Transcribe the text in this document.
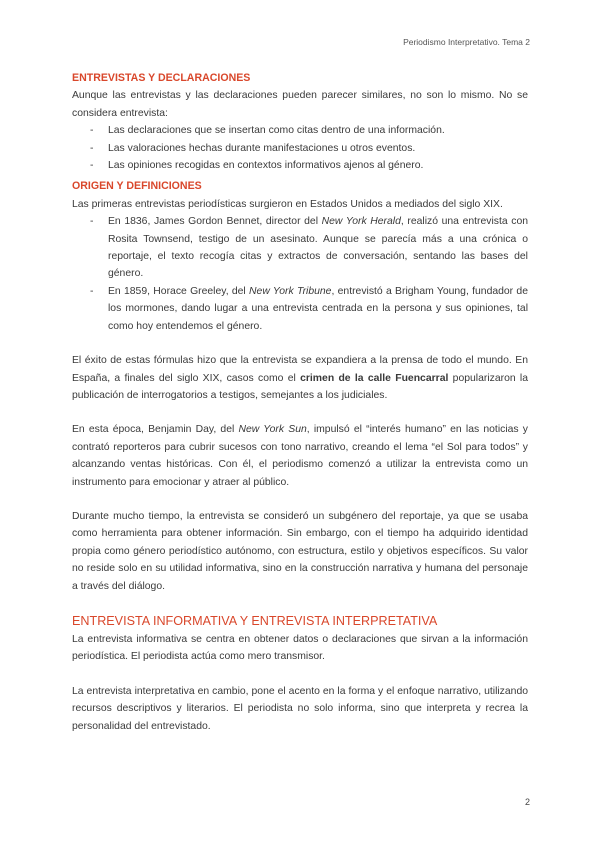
Periodismo Interpretativo. Tema 2
ENTREVISTAS Y DECLARACIONES

Aunque las entrevistas y las declaraciones pueden parecer similares, no son lo mismo. No se considera entrevista:

- Las declaraciones que se insertan como citas dentro de una información.
- Las valoraciones hechas durante manifestaciones u otros eventos.
- Las opiniones recogidas en contextos informativos ajenos al género.
ORIGEN Y DEFINICIONES

Las primeras entrevistas periodísticas surgieron en Estados Unidos a mediados del siglo XIX.

- En 1836, James Gordon Bennet, director del New York Herald, realizó una entrevista con Rosita Townsend, testigo de un asesinato. Aunque se parecía más a una crónica o reportaje, el texto recogía citas y extractos de conversación, sentando las bases del género.
- En 1859, Horace Greeley, del New York Tribune, entrevistó a Brigham Young, fundador de los mormones, dando lugar a una entrevista centrada en la persona y sus opiniones, tal como hoy entendemos el género.

El éxito de estas fórmulas hizo que la entrevista se expandiera a la prensa de todo el mundo. En España, a finales del siglo XIX, casos como el crimen de la calle Fuencarral popularizaron la publicación de interrogatorios a testigos, semejantes a los judiciales.

En esta época, Benjamin Day, del New York Sun, impulsó el “interés humano” en las noticias y contrató reporteros para cubrir sucesos con tono narrativo, creando el lema “el Sol para todos” y alcanzando ventas históricas. Con él, el periodismo comenzó a utilizar la entrevista como un instrumento para emocionar y atraer al público.

Durante mucho tiempo, la entrevista se consideró un subgénero del reportaje, ya que se usaba como herramienta para obtener información. Sin embargo, con el tiempo ha adquirido identidad propia como género periodístico autónomo, con estructura, estilo y objetivos específicos. Su valor no reside solo en su utilidad informativa, sino en la construcción narrativa y humana del personaje a través del diálogo.

ENTREVISTA INFORMATIVA Y ENTREVISTA INTERPRETATIVA

La entrevista informativa se centra en obtener datos o declaraciones que sirvan a la información periodística. El periodista actúa como mero transmisor.

La entrevista interpretativa en cambio, pone el acento en la forma y el enfoque narrativo, utilizando recursos descriptivos y literarios. El periodista no solo informa, sino que interpreta y recrea la personalidad del entrevistado.

2
